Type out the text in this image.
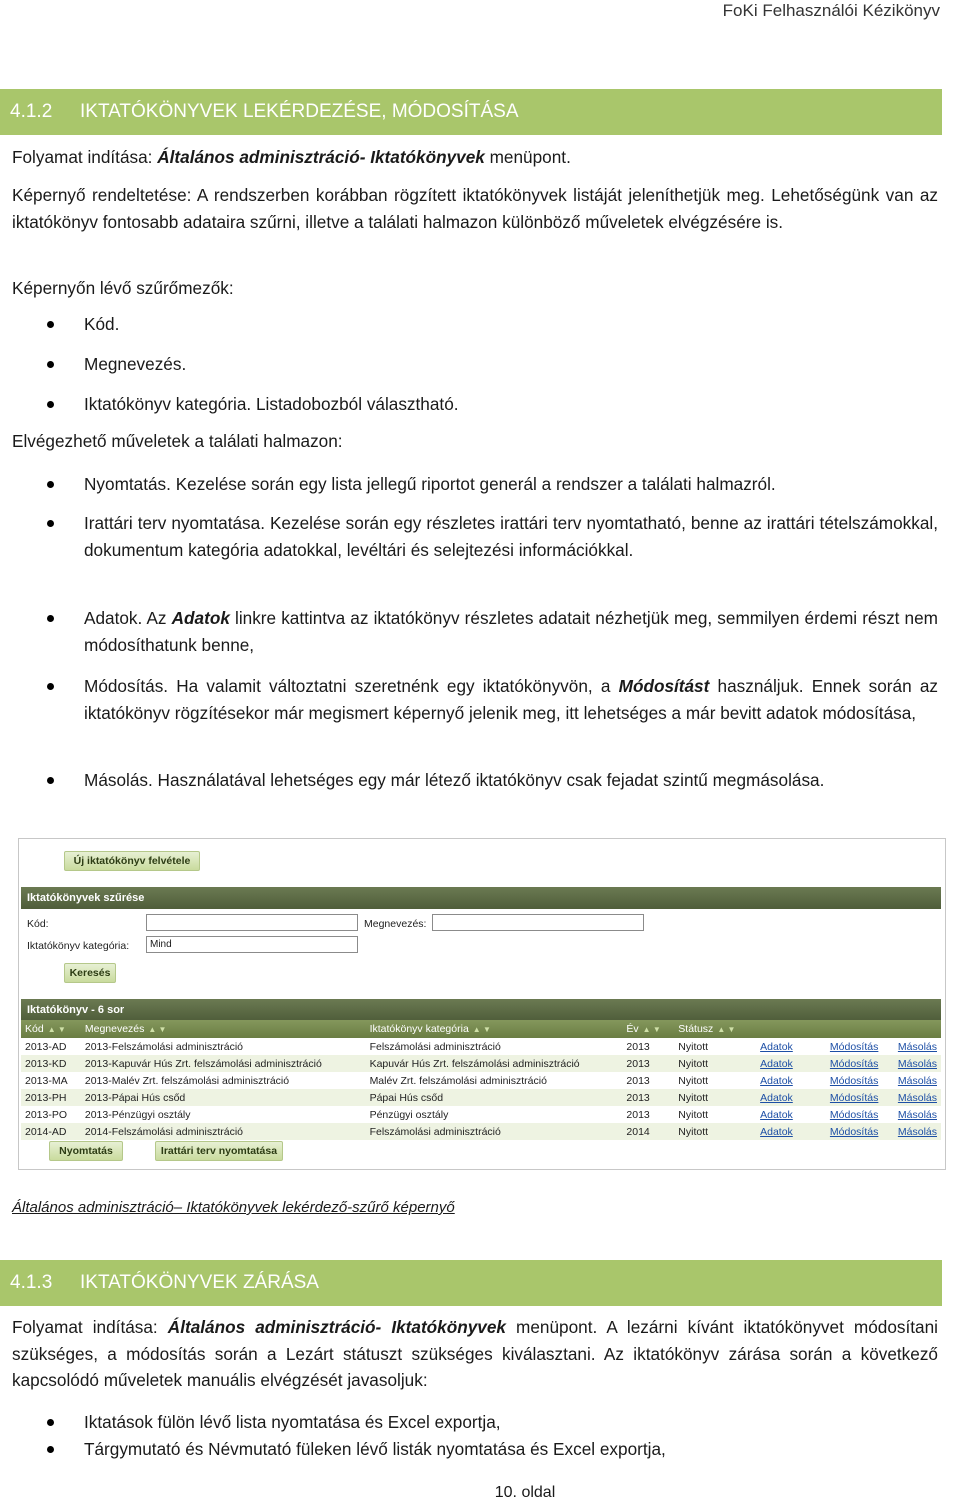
FoKi Felhasználói Kézikönyv
4.1.2 IKTATÓKÖNYVEK LEKÉRDEZÉSE, MÓDOSÍTÁSA
Folyamat indítása: Általános adminisztráció- Iktatókönyvek menüpont.
Képernyő rendeltetése: A rendszerben korábban rögzített iktatókönyvek listáját jeleníthetjük meg. Lehetőségünk van az iktatókönyv fontosabb adataira szűrni, illetve a találati halmazon különböző műveletek elvégzésére is.
Képernyőn lévő szűrőmezők:
Kód.
Megnevezés.
Iktatókönyv kategória. Listadobozból választható.
Elvégezhető műveletek a találati halmazon:
Nyomtatás. Kezelése során egy lista jellegű riportot generál a rendszer a találati halmazról.
Irattári terv nyomtatása. Kezelése során egy részletes irattári terv nyomtatható, benne az irattári tételszámokkal, dokumentum kategória adatokkal, levéltári és selejtezési információkkal.
Adatok. Az Adatok linkre kattintva az iktatókönyv részletes adatait nézhetjük meg, semmilyen érdemi részt nem módosíthatunk benne,
Módosítás. Ha valamit változtatni szeretnénk egy iktatókönyvön, a Módosítást használjuk. Ennek során az iktatókönyv rögzítésekor már megismert képernyő jelenik meg, itt lehetséges a már bevitt adatok módosítása,
Másolás. Használatával lehetséges egy már létező iktatókönyv csak fejadat szintű megmásolása.
Új iktatókönyv felvétele
Iktatókönyvek szűrése
Kód:	Megnevezés:
Iktatókönyv kategória:	Mind
Keresés
Iktatókönyv - 6 sor
Kód ▲ ▼	Megnevezés ▲ ▼	Iktatókönyv kategória ▲ ▼	Év ▲ ▼	Státusz ▲ ▼			
2013-AD	2013-Felszámolási adminisztráció	Felszámolási adminisztráció	2013	Nyitott	Adatok	Módosítás	Másolás
2013-KD	2013-Kapuvár Hús Zrt. felszámolási adminisztráció	Kapuvár Hús Zrt. felszámolási adminisztráció	2013	Nyitott	Adatok	Módosítás	Másolás
2013-MA	2013-Malév Zrt. felszámolási adminisztráció	Malév Zrt. felszámolási adminisztráció	2013	Nyitott	Adatok	Módosítás	Másolás
2013-PH	2013-Pápai Hús csőd	Pápai Hús csőd	2013	Nyitott	Adatok	Módosítás	Másolás
2013-PO	2013-Pénzügyi osztály	Pénzügyi osztály	2013	Nyitott	Adatok	Módosítás	Másolás
2014-AD	2014-Felszámolási adminisztráció	Felszámolási adminisztráció	2014	Nyitott	Adatok	Módosítás	Másolás
Nyomtatás	Irattári terv nyomtatása
Általános adminisztráció– Iktatókönyvek lekérdező-szűrő képernyő
4.1.3 IKTATÓKÖNYVEK ZÁRÁSA
Folyamat indítása: Általános adminisztráció- Iktatókönyvek menüpont. A lezárni kívánt iktatókönyvet módosítani szükséges, a módosítás során a Lezárt státuszt szükséges kiválasztani. Az iktatókönyv zárása során a következő kapcsolódó műveletek manuális elvégzését javasoljuk:
Iktatások fülön lévő lista nyomtatása és Excel exportja,
Tárgymutató és Névmutató füleken lévő listák nyomtatása és Excel exportja,
10. oldal
